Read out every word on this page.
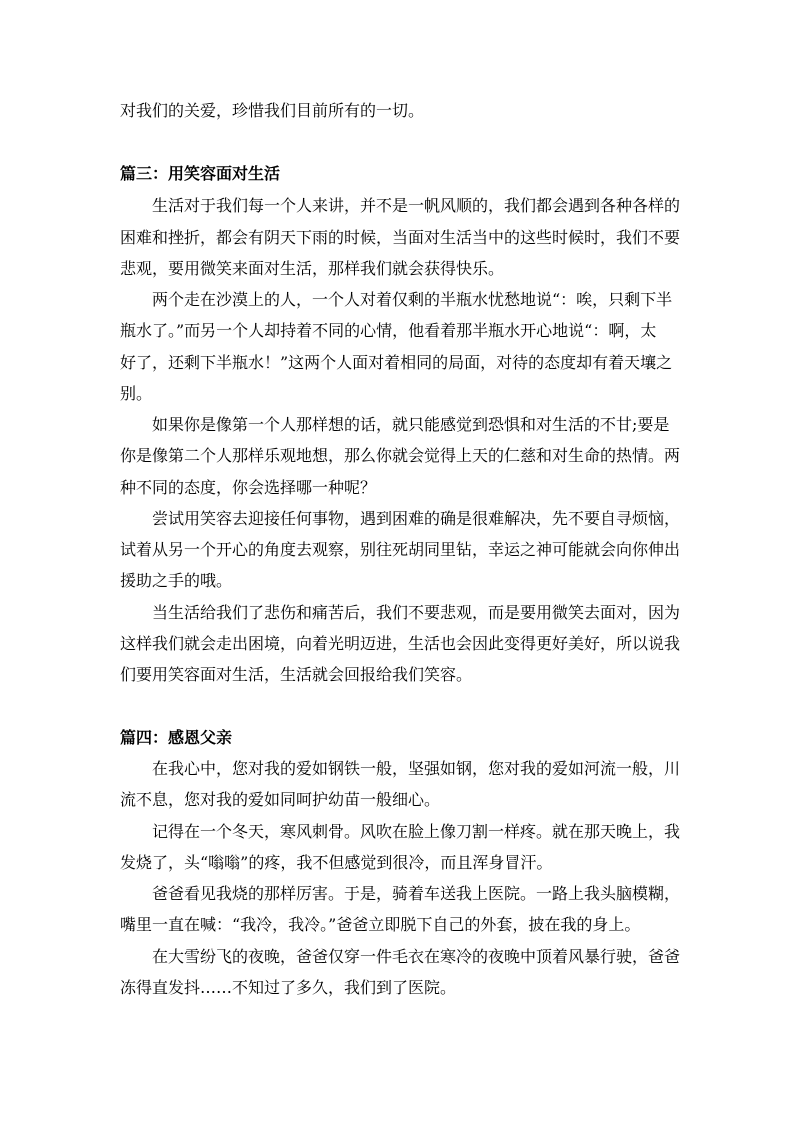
对我们的关爱，珍惜我们目前所有的一切。
篇三：用笑容面对生活
生活对于我们每一个人来讲，并不是一帆风顺的，我们都会遇到各种各样的
困难和挫折，都会有阴天下雨的时候，当面对生活当中的这些时候时，我们不要
悲观，要用微笑来面对生活，那样我们就会获得快乐。
两个走在沙漠上的人，一个人对着仅剩的半瓶水忧愁地说“：唉，只剩下半
瓶水了。”而另一个人却持着不同的心情，他看着那半瓶水开心地说“：啊，太
好了，还剩下半瓶水！”这两个人面对着相同的局面，对待的态度却有着天壤之
别。
如果你是像第一个人那样想的话，就只能感觉到恐惧和对生活的不甘;要是
你是像第二个人那样乐观地想，那么你就会觉得上天的仁慈和对生命的热情。两
种不同的态度，你会选择哪一种呢？
尝试用笑容去迎接任何事物，遇到困难的确是很难解决，先不要自寻烦恼，
试着从另一个开心的角度去观察，别往死胡同里钻，幸运之神可能就会向你伸出
援助之手的哦。
当生活给我们了悲伤和痛苦后，我们不要悲观，而是要用微笑去面对，因为
这样我们就会走出困境，向着光明迈进，生活也会因此变得更好美好，所以说我
们要用笑容面对生活，生活就会回报给我们笑容。
篇四：感恩父亲
在我心中，您对我的爱如钢铁一般，坚强如钢，您对我的爱如河流一般，川
流不息，您对我的爱如同呵护幼苗一般细心。
记得在一个冬天，寒风刺骨。风吹在脸上像刀割一样疼。就在那天晚上，我
发烧了，头“嗡嗡”的疼，我不但感觉到很冷，而且浑身冒汗。
爸爸看见我烧的那样厉害。于是，骑着车送我上医院。一路上我头脑模糊，
嘴里一直在喊：“我冷，我冷。”爸爸立即脱下自己的外套，披在我的身上。
在大雪纷飞的夜晚，爸爸仅穿一件毛衣在寒冷的夜晚中顶着风暴行驶，爸爸
冻得直发抖……不知过了多久，我们到了医院。
